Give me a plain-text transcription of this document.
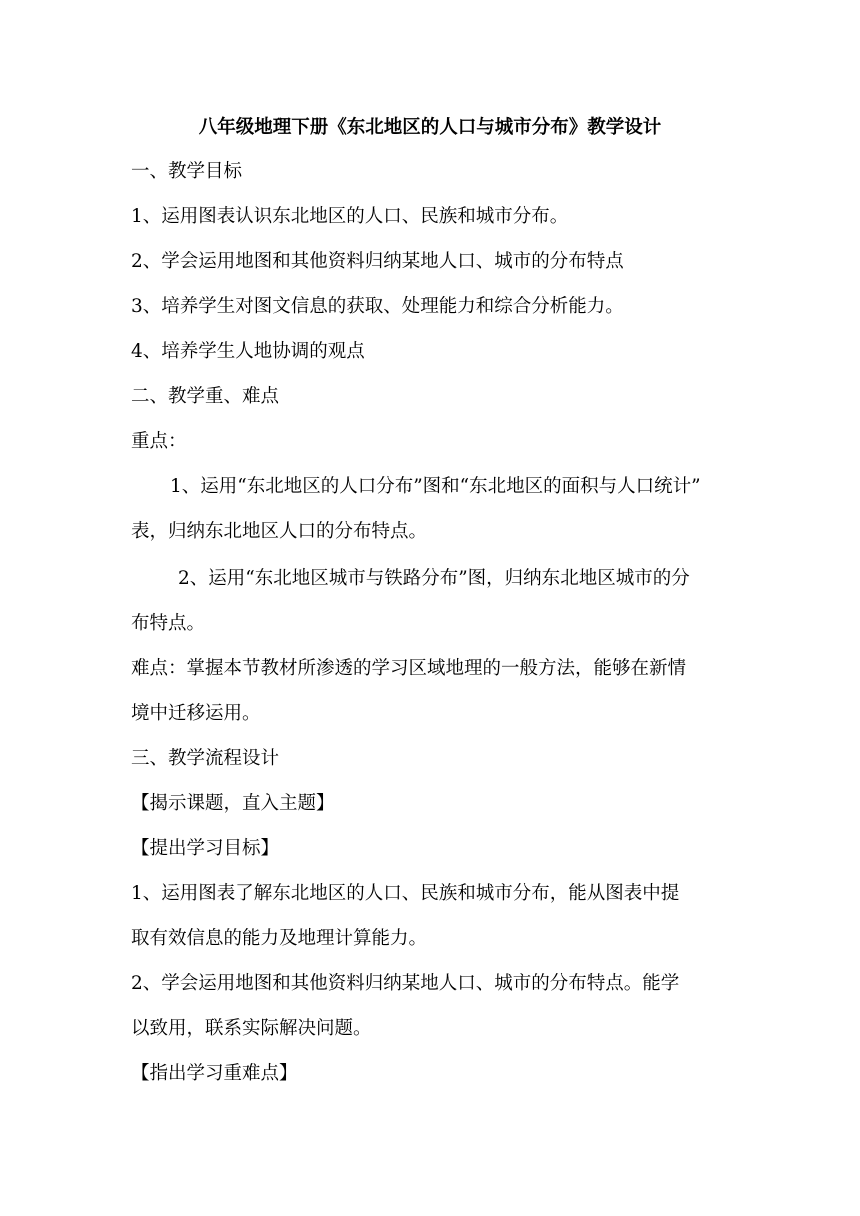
八年级地理下册《东北地区的人口与城市分布》教学设计
一、教学目标
1、运用图表认识东北地区的人口、民族和城市分布。
2、学会运用地图和其他资料归纳某地人口、城市的分布特点
3、培养学生对图文信息的获取、处理能力和综合分析能力。
4、培养学生人地协调的观点
二、教学重、难点
重点：
1、运用“东北地区的人口分布”图和“东北地区的面积与人口统计”
表，归纳东北地区人口的分布特点。
2、运用“东北地区城市与铁路分布”图，归纳东北地区城市的分
布特点。
难点：掌握本节教材所渗透的学习区域地理的一般方法，能够在新情
境中迁移运用。
三、教学流程设计
【揭示课题，直入主题】
【提出学习目标】
1、运用图表了解东北地区的人口、民族和城市分布，能从图表中提
取有效信息的能力及地理计算能力。
2、学会运用地图和其他资料归纳某地人口、城市的分布特点。能学
以致用，联系实际解决问题。
【指出学习重难点】
